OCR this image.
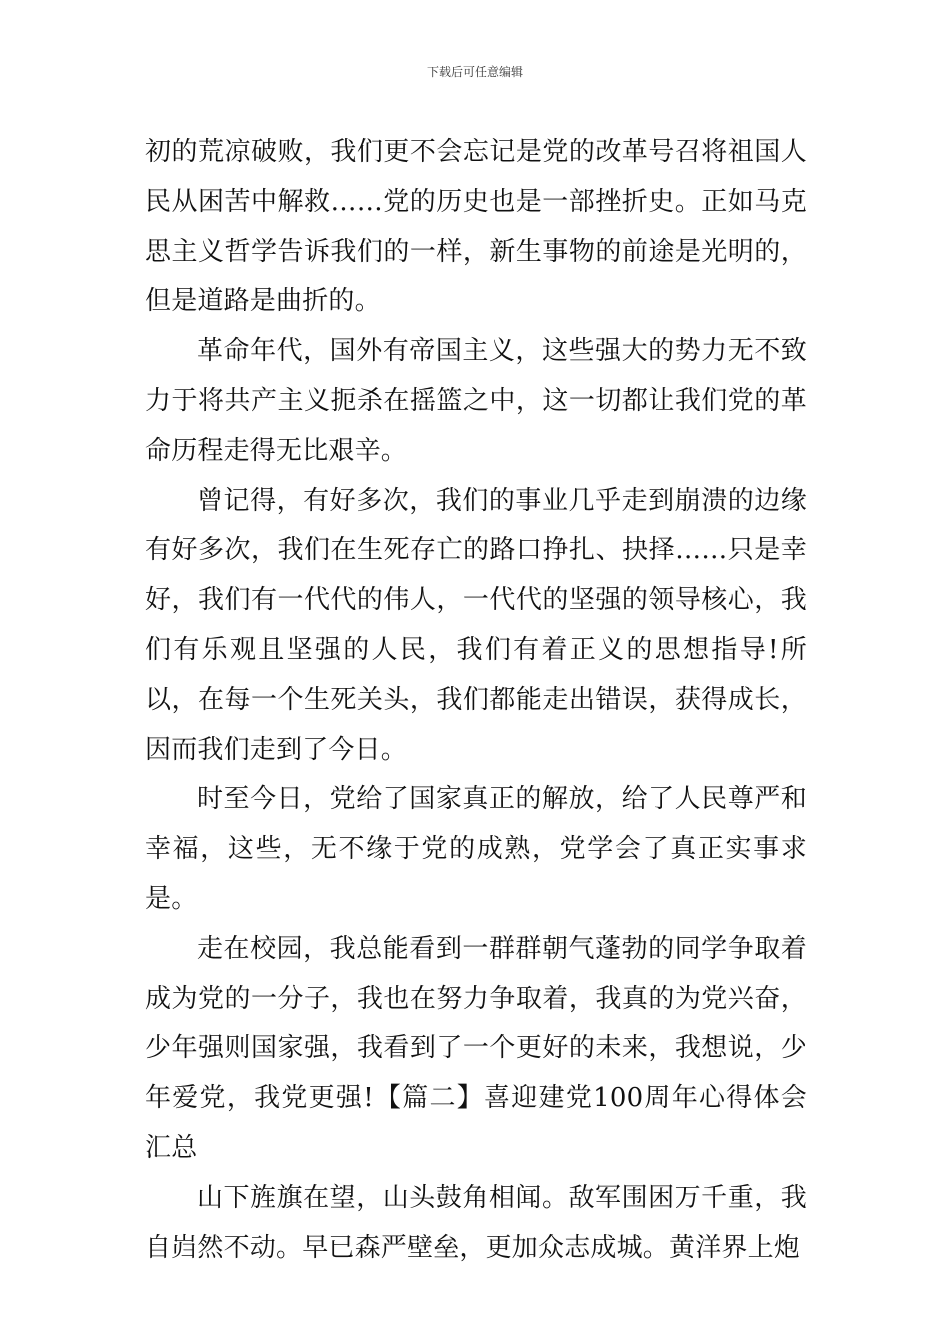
下载后可任意编辑

初的荒凉破败，我们更不会忘记是党的改革号召将祖国人民从困苦中解救……党的历史也是一部挫折史。正如马克思主义哲学告诉我们的一样，新生事物的前途是光明的，但是道路是曲折的。

革命年代，国外有帝国主义，这些强大的势力无不致力于将共产主义扼杀在摇篮之中，这一切都让我们党的革命历程走得无比艰辛。

曾记得，有好多次，我们的事业几乎走到崩溃的边缘有好多次，我们在生死存亡的路口挣扎、抉择……只是幸好，我们有一代代的伟人，一代代的坚强的领导核心，我们有乐观且坚强的人民，我们有着正义的思想指导!所以，在每一个生死关头，我们都能走出错误，获得成长，因而我们走到了今日。

时至今日，党给了国家真正的解放，给了人民尊严和幸福，这些，无不缘于党的成熟，党学会了真正实事求是。

走在校园，我总能看到一群群朝气蓬勃的同学争取着成为党的一分子，我也在努力争取着，我真的为党兴奋，少年强则国家强，我看到了一个更好的未来，我想说，少年爱党，我党更强!【篇二】喜迎建党100周年心得体会汇总

山下旌旗在望，山头鼓角相闻。敌军围困万千重，我自岿然不动。早已森严壁垒，更加众志成城。黄洋界上炮
